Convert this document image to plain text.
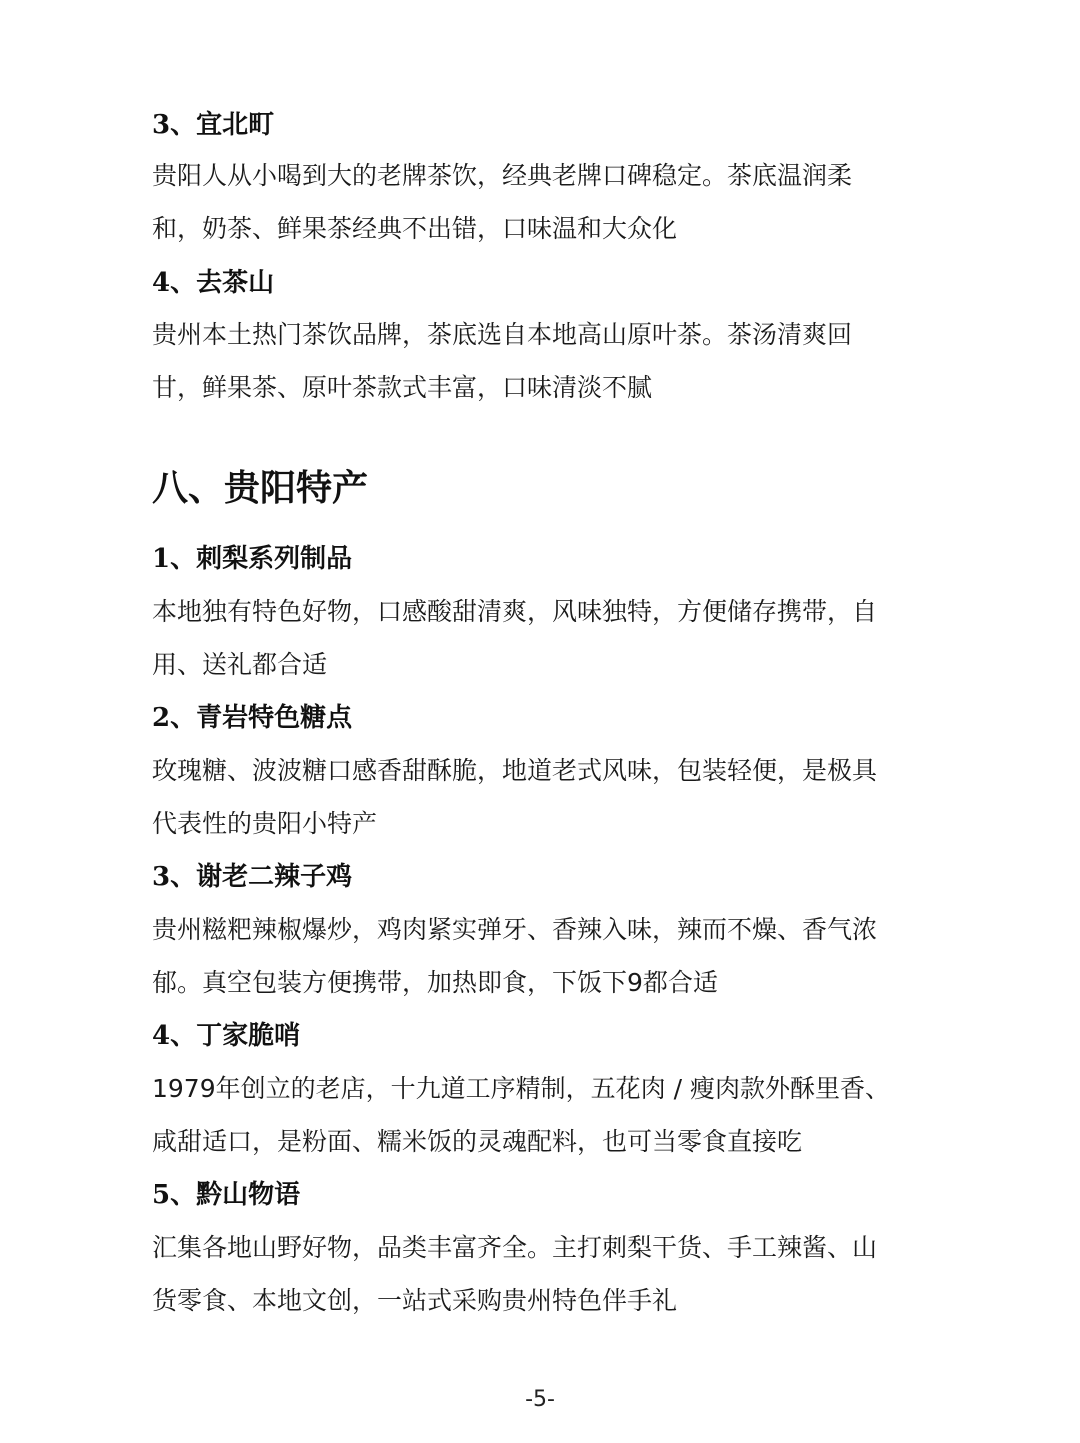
3、宜北町

贵阳人从小喝到大的老牌茶饮，经典老牌口碑稳定。茶底温润柔
和，奶茶、鲜果茶经典不出错，口味温和大众化

4、去茶山

贵州本土热门茶饮品牌，茶底选自本地高山原叶茶。茶汤清爽回
甘，鲜果茶、原叶茶款式丰富，口味清淡不腻

八、贵阳特产
1、刺梨系列制品

本地独有特色好物，口感酸甜清爽，风味独特，方便储存携带，自
用、送礼都合适

2、青岩特色糖点

玫瑰糖、波波糖口感香甜酥脆，地道老式风味，包装轻便，是极具
代表性的贵阳小特产

3、谢老二辣子鸡

贵州糍粑辣椒爆炒，鸡肉紧实弹牙、香辣入味，辣而不燥、香气浓
郁。真空包装方便携带，加热即食，下饭下9都合适

4、丁家脆哨

1979年创立的老店，十九道工序精制，五花肉 / 瘦肉款外酥里香、
咸甜适口，是粉面、糯米饭的灵魂配料，也可当零食直接吃

5、黔山物语

汇集各地山野好物，品类丰富齐全。主打刺梨干货、手工辣酱、山
货零食、本地文创，一站式采购贵州特色伴手礼

-5-
